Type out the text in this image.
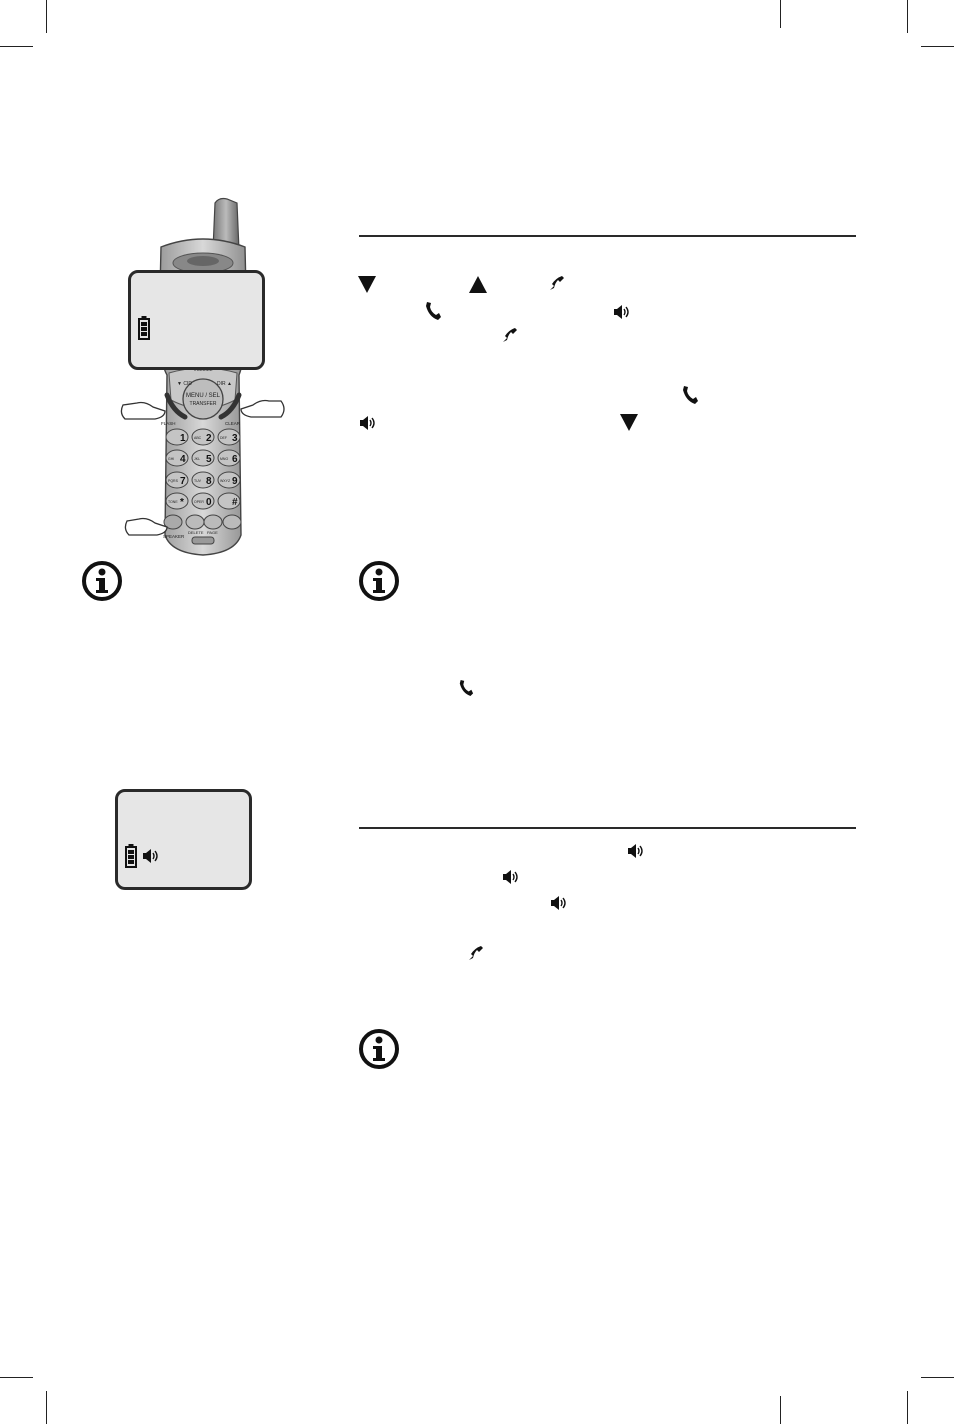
MENU / SEL
TRANSFER
▼ CID	DIR ▲
FLASH	CLEAR
1 2
ABC	3
DEF
4
GHI	5
JKL	6
MNO
7
PQRS	8
TUV	9
WXYZ
*
TONE	0
OPER	#
SPEAKER
DELETE PAGE
